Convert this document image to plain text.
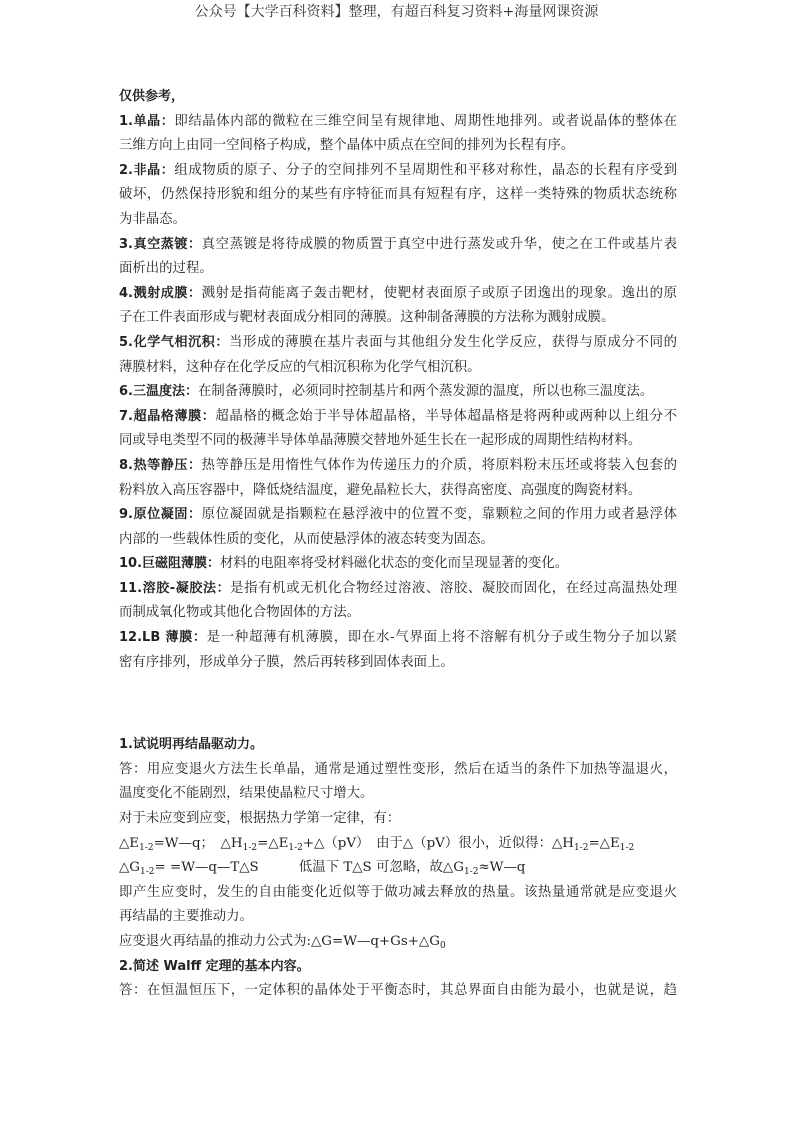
公众号【大学百科资料】整理，有超百科复习资料+海量网课资源
仅供参考，
1.单晶：即结晶体内部的微粒在三维空间呈有规律地、周期性地排列。或者说晶体的整体在
三维方向上由同一空间格子构成，整个晶体中质点在空间的排列为长程有序。
2.非晶：组成物质的原子、分子的空间排列不呈周期性和平移对称性，晶态的长程有序受到
破坏，仍然保持形貌和组分的某些有序特征而具有短程有序，这样一类特殊的物质状态统称
为非晶态。
3.真空蒸镀：真空蒸镀是将待成膜的物质置于真空中进行蒸发或升华，使之在工件或基片表
面析出的过程。
4.溅射成膜：溅射是指荷能离子轰击靶材，使靶材表面原子或原子团逸出的现象。逸出的原
子在工件表面形成与靶材表面成分相同的薄膜。这种制备薄膜的方法称为溅射成膜。
5.化学气相沉积：当形成的薄膜在基片表面与其他组分发生化学反应，获得与原成分不同的
薄膜材料，这种存在化学反应的气相沉积称为化学气相沉积。
6.三温度法：在制备薄膜时，必须同时控制基片和两个蒸发源的温度，所以也称三温度法。
7.超晶格薄膜：超晶格的概念始于半导体超晶格，半导体超晶格是将两种或两种以上组分不
同或导电类型不同的极薄半导体单晶薄膜交替地外延生长在一起形成的周期性结构材料。
8.热等静压：热等静压是用惰性气体作为传递压力的介质，将原料粉末压坯或将装入包套的
粉料放入高压容器中，降低烧结温度，避免晶粒长大，获得高密度、高强度的陶瓷材料。
9.原位凝固：原位凝固就是指颗粒在悬浮液中的位置不变，靠颗粒之间的作用力或者悬浮体
内部的一些载体性质的变化，从而使悬浮体的液态转变为固态。
10.巨磁阻薄膜：材料的电阻率将受材料磁化状态的变化而呈现显著的变化。
11.溶胶-凝胶法：是指有机或无机化合物经过溶液、溶胶、凝胶而固化，在经过高温热处理
而制成氧化物或其他化合物固体的方法。
12.LB 薄膜：是一种超薄有机薄膜，即在水-气界面上将不溶解有机分子或生物分子加以紧
密有序排列，形成单分子膜，然后再转移到固体表面上。
1.试说明再结晶驱动力。
答：用应变退火方法生长单晶，通常是通过塑性变形，然后在适当的条件下加热等温退火，
温度变化不能剧烈，结果使晶粒尺寸增大。
对于未应变到应变，根据热力学第一定律，有：
$\triangle E_{1-2}=W—q$；　$\triangle H_{1-2}=\triangle E_{1-2}+\triangle(pV)$　由于△（pV）很小，近似得：$\triangle H_{1-2}=\triangle E_{1-2}$
$\triangle G_{1-2}=$ =W—q—T△S　　　低温下 T△S 可忽略，故$\triangle G_{1-2}\approx W—q$
即产生应变时，发生的自由能变化近似等于做功减去释放的热量。该热量通常就是应变退火
再结晶的主要推动力。
应变退火再结晶的推动力公式为$:\triangle G=W—q+Gs+\triangle G_0$
2.简述 Walff 定理的基本内容。
答：在恒温恒压下，一定体积的晶体处于平衡态时，其总界面自由能为最小，也就是说，趋
